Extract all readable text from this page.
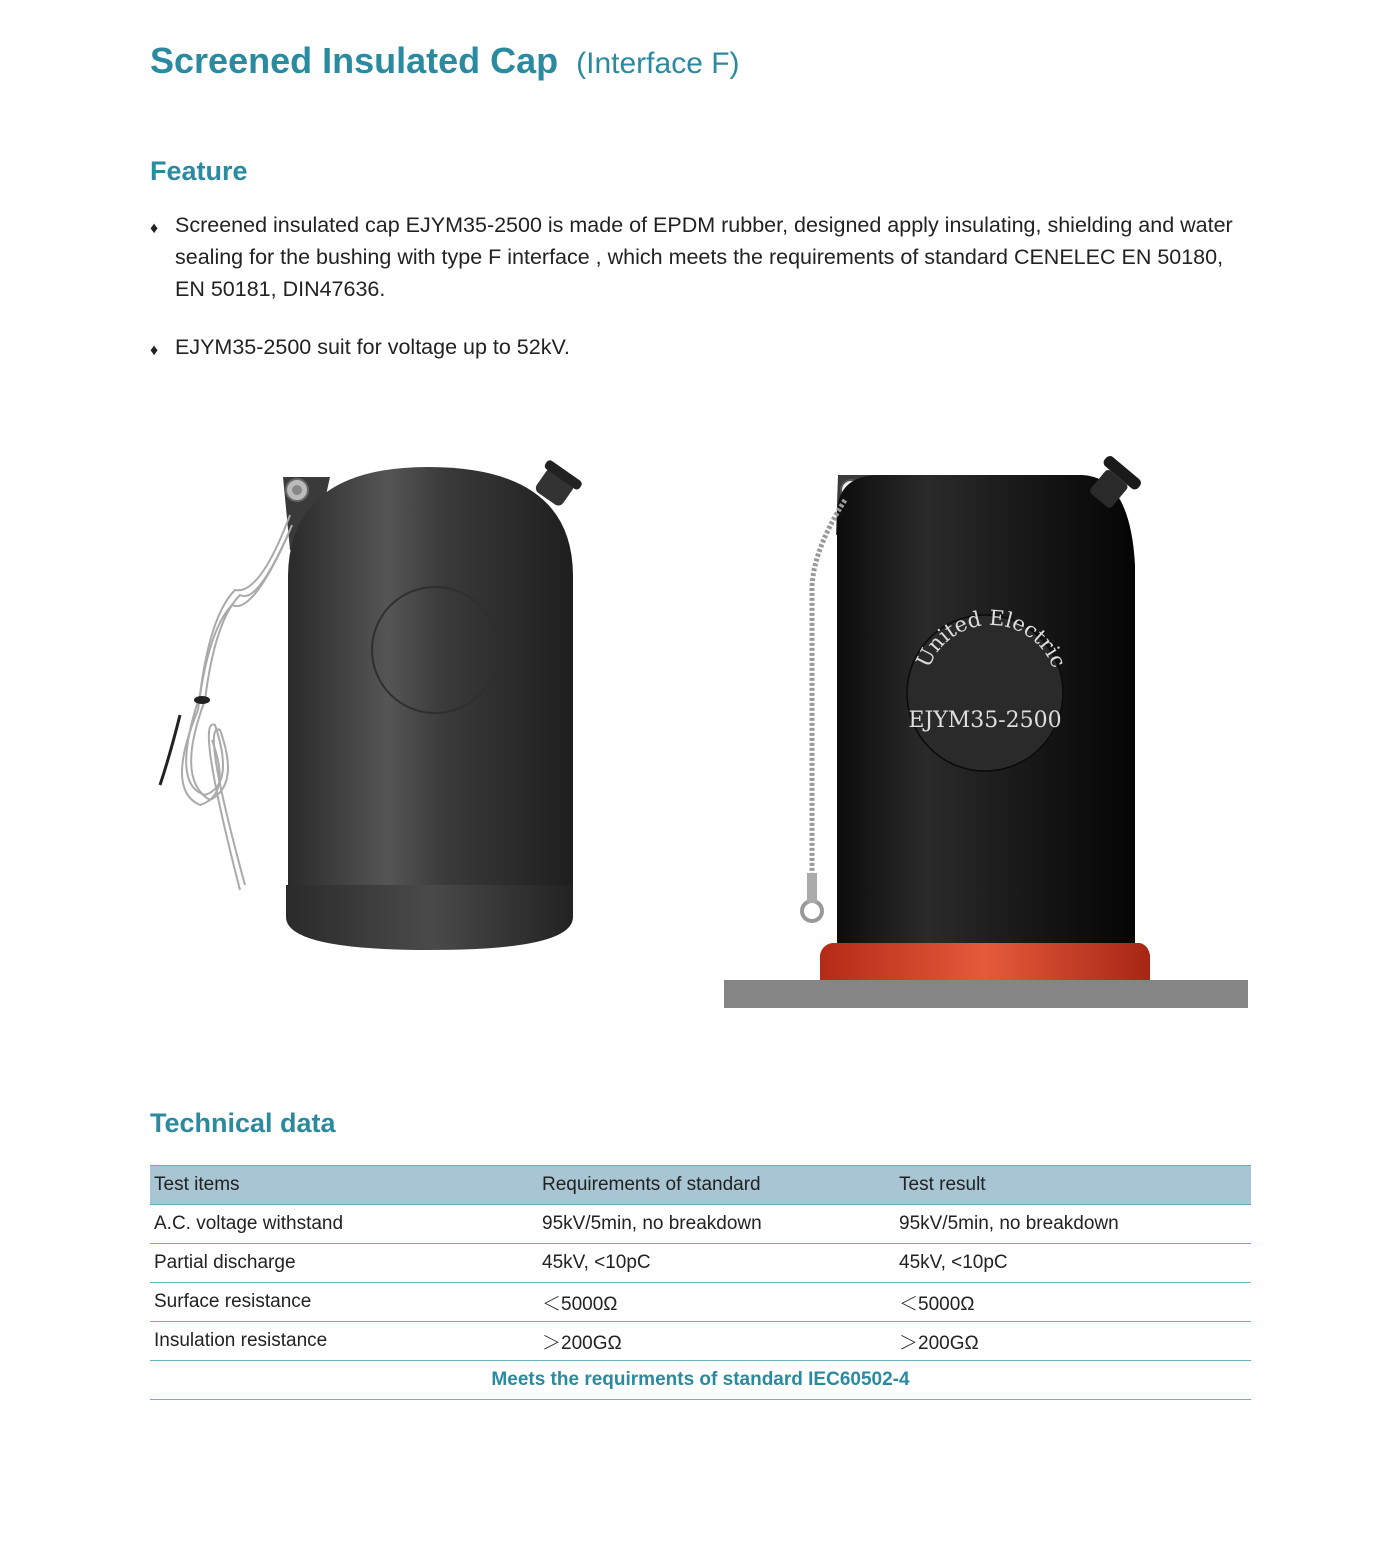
Screened Insulated Cap (Interface F)
Feature
♦ Screened insulated cap EJYM35-2500 is made of EPDM rubber, designed apply insulating, shielding and water sealing for the bushing with type F interface , which meets the requirements of standard CENELEC EN 50180, EN 50181, DIN47636.
♦ EJYM35-2500 suit for voltage up to 52kV.
United Electric
EJYM35-2500
Technical data
Test items	Requirements of standard	Test result
A.C. voltage withstand	95kV/5min, no breakdown	95kV/5min, no breakdown
Partial discharge	45kV, <10pC	45kV, <10pC
Surface resistance	＜5000Ω	＜5000Ω
Insulation resistance	＞200GΩ	＞200GΩ
Meets the requirments of standard IEC60502-4		
